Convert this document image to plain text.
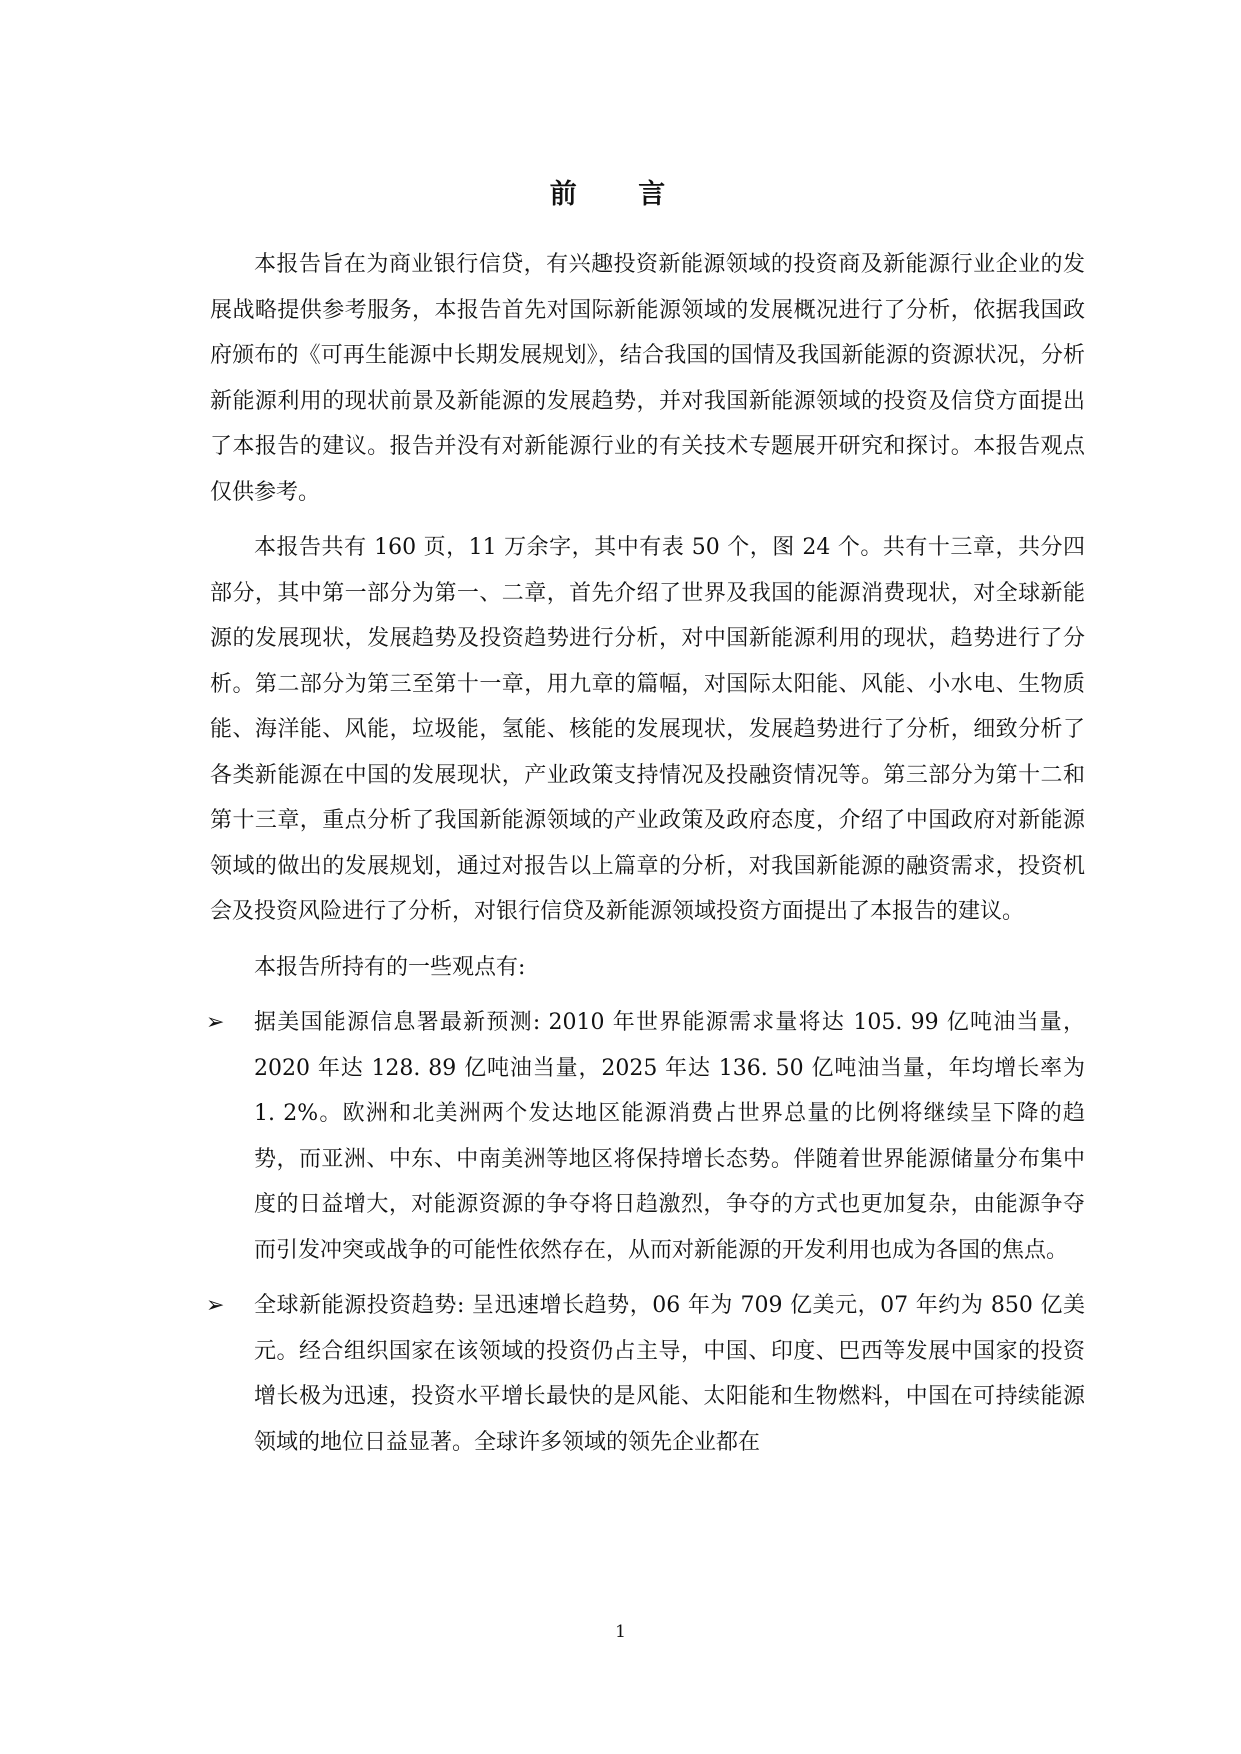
前 言

本报告旨在为商业银行信贷，有兴趣投资新能源领域的投资商及新能源行业企业的发展战略提供参考服务，本报告首先对国际新能源领域的发展概况进行了分析，依据我国政府颁布的《可再生能源中长期发展规划》，结合我国的国情及我国新能源的资源状况，分析新能源利用的现状前景及新能源的发展趋势，并对我国新能源领域的投资及信贷方面提出了本报告的建议。报告并没有对新能源行业的有关技术专题展开研究和探讨。本报告观点仅供参考。

本报告共有 160 页，11 万余字，其中有表 50 个，图 24 个。共有十三章，共分四部分，其中第一部分为第一、二章，首先介绍了世界及我国的能源消费现状，对全球新能源的发展现状，发展趋势及投资趋势进行分析，对中国新能源利用的现状，趋势进行了分析。第二部分为第三至第十一章，用九章的篇幅，对国际太阳能、风能、小水电、生物质能、海洋能、风能，垃圾能，氢能、核能的发展现状，发展趋势进行了分析，细致分析了各类新能源在中国的发展现状，产业政策支持情况及投融资情况等。第三部分为第十二和第十三章，重点分析了我国新能源领域的产业政策及政府态度，介绍了中国政府对新能源领域的做出的发展规划，通过对报告以上篇章的分析，对我国新能源的融资需求，投资机会及投资风险进行了分析，对银行信贷及新能源领域投资方面提出了本报告的建议。

本报告所持有的一些观点有:

➢ 据美国能源信息署最新预测: 2010 年世界能源需求量将达 105. 99 亿吨油当量，2020 年达 128. 89 亿吨油当量，2025 年达 136. 50 亿吨油当量，年均增长率为 1. 2%。欧洲和北美洲两个发达地区能源消费占世界总量的比例将继续呈下降的趋势，而亚洲、中东、中南美洲等地区将保持增长态势。伴随着世界能源储量分布集中度的日益增大，对能源资源的争夺将日趋激烈，争夺的方式也更加复杂，由能源争夺而引发冲突或战争的可能性依然存在，从而对新能源的开发利用也成为各国的焦点。
➢ 全球新能源投资趋势: 呈迅速增长趋势，06 年为 709 亿美元，07 年约为 850 亿美元。经合组织国家在该领域的投资仍占主导，中国、印度、巴西等发展中国家的投资增长极为迅速，投资水平增长最快的是风能、太阳能和生物燃料，中国在可持续能源领域的地位日益显著。全球许多领域的领先企业都在
1
